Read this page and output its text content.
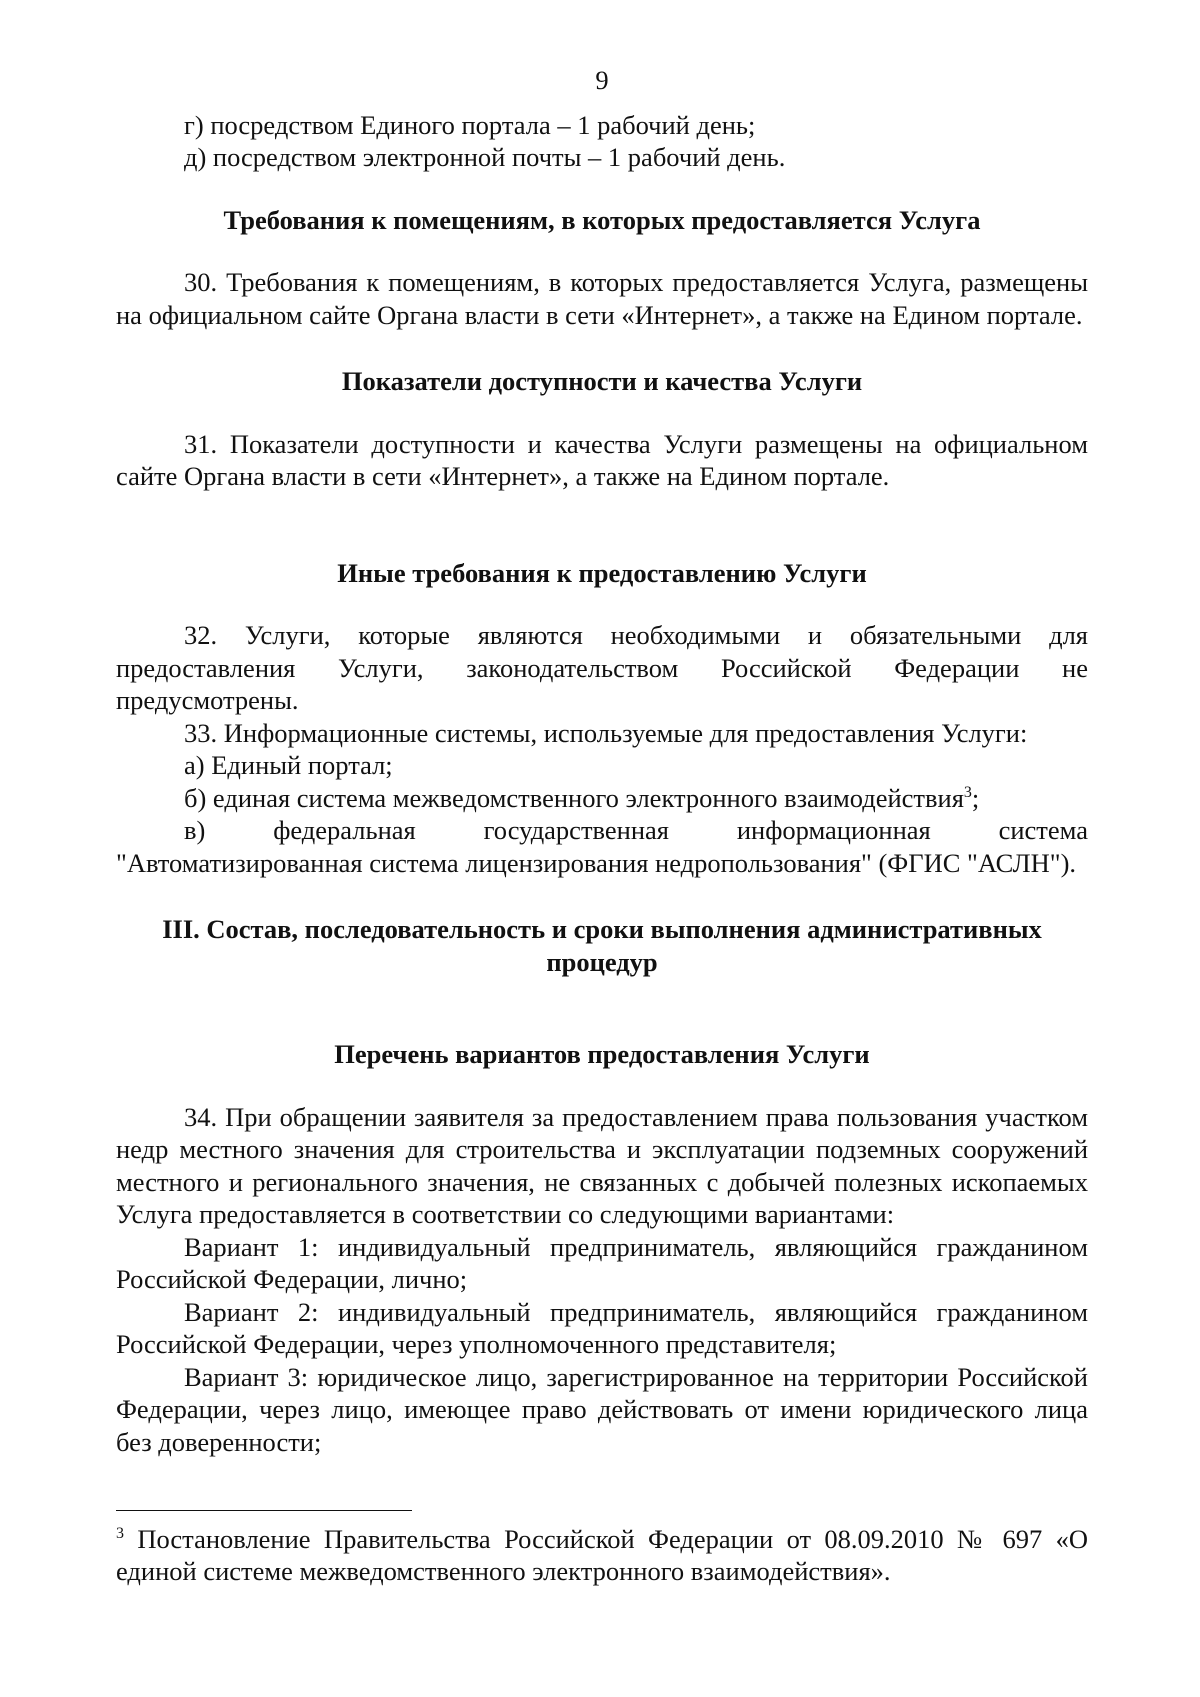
9

г) посредством Единого портала – 1 рабочий день;

д) посредством электронной почты – 1 рабочий день.

Требования к помещениям, в которых предоставляется Услуга

30. Требования к помещениям, в которых предоставляется Услуга, размещены на официальном сайте Органа власти в сети «Интернет», а также на Едином портале.

Показатели доступности и качества Услуги

31. Показатели доступности и качества Услуги размещены на официальном сайте Органа власти в сети «Интернет», а также на Едином портале.

Иные требования к предоставлению Услуги

32. Услуги, которые являются необходимыми и обязательными для предоставления Услуги, законодательством Российской Федерации не предусмотрены.

33. Информационные системы, используемые для предоставления Услуги:

а) Единый портал;

б) единая система межведомственного электронного взаимодействия$^3$;

в) федеральная государственная информационная система "Автоматизированная система лицензирования недропользования" (ФГИС "АСЛН").

III. Состав, последовательность и сроки выполнения административных
процедур

Перечень вариантов предоставления Услуги

34. При обращении заявителя за предоставлением права пользования участком недр местного значения для строительства и эксплуатации подземных сооружений местного и регионального значения, не связанных с добычей полезных ископаемых Услуга предоставляется в соответствии со следующими вариантами:

Вариант 1: индивидуальный предприниматель, являющийся гражданином Российской Федерации, лично;

Вариант 2: индивидуальный предприниматель, являющийся гражданином Российской Федерации, через уполномоченного представителя;

Вариант 3: юридическое лицо, зарегистрированное на территории Российской Федерации, через лицо, имеющее право действовать от имени юридического лица без доверенности;

$^3$ Постановление Правительства Российской Федерации от 08.09.2010 № 697 «О единой системе межведомственного электронного взаимодействия».
